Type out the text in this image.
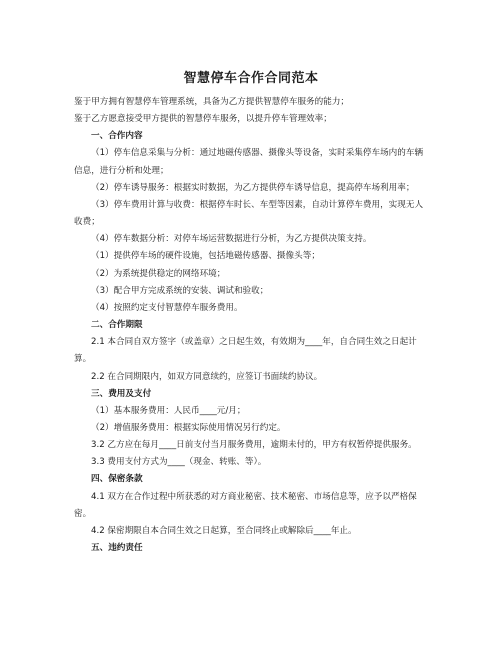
智慧停车合作合同范本

鉴于甲方拥有智慧停车管理系统，具备为乙方提供智慧停车服务的能力；

鉴于乙方愿意接受甲方提供的智慧停车服务，以提升停车管理效率；

一、合作内容

（1）停车信息采集与分析：通过地磁传感器、摄像头等设备，实时采集停车场内的车辆信息，进行分析和处理；

（2）停车诱导服务：根据实时数据，为乙方提供停车诱导信息，提高停车场利用率；

（3）停车费用计算与收费：根据停车时长、车型等因素，自动计算停车费用，实现无人收费；

（4）停车数据分析：对停车场运营数据进行分析，为乙方提供决策支持。

（1）提供停车场的硬件设施，包括地磁传感器、摄像头等；

（2）为系统提供稳定的网络环境；

（3）配合甲方完成系统的安装、调试和验收；

（4）按照约定支付智慧停车服务费用。

二、合作期限

2.1 本合同自双方签字（或盖章）之日起生效，有效期为____年，自合同生效之日起计算。

2.2 在合同期限内，如双方同意续约，应签订书面续约协议。

三、费用及支付

（1）基本服务费用：人民币____元/月；

（2）增值服务费用：根据实际使用情况另行约定。

3.2 乙方应在每月____日前支付当月服务费用，逾期未付的，甲方有权暂停提供服务。

3.3 费用支付方式为____（现金、转账、等）。

四、保密条款

4.1 双方在合作过程中所获悉的对方商业秘密、技术秘密、市场信息等，应予以严格保密。

4.2 保密期限自本合同生效之日起算，至合同终止或解除后____年止。

五、违约责任
